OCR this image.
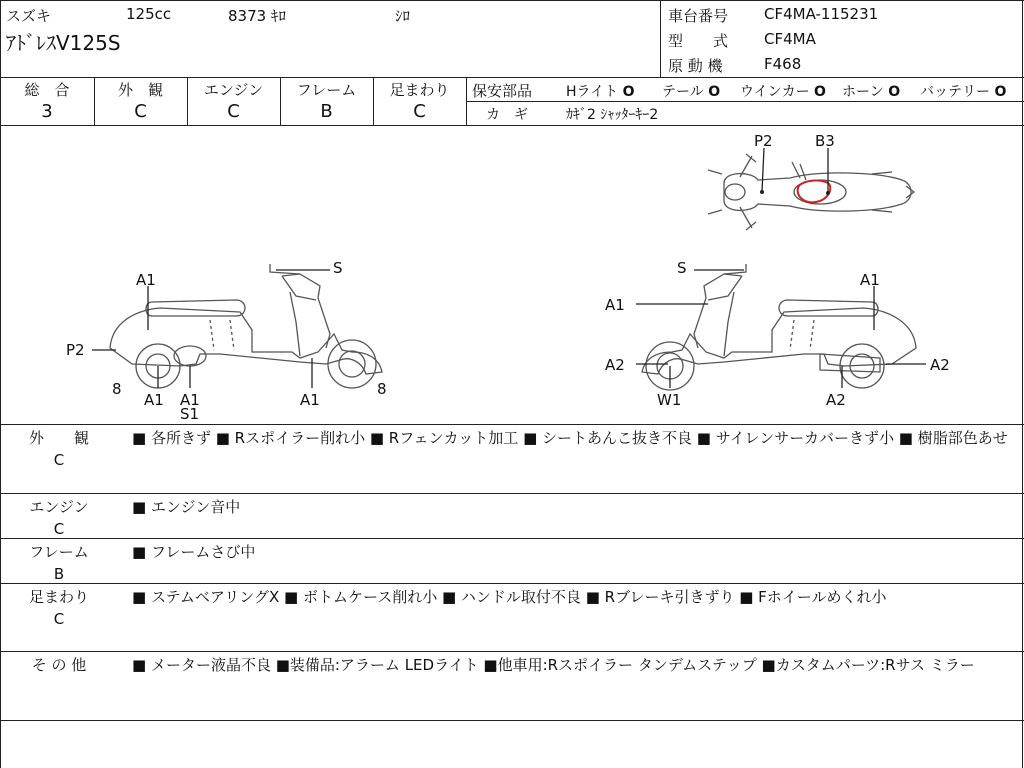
スズキ	125cc	8373 ｷﾛ	ｼﾛ
ｱﾄﾞﾚｽV125S
車台番号 CF4MA-115231
型　　式 CF4MA
原 動 機	F468
総　合
3
外　観
C
エンジン
C
フレーム
B
足まわり
C
保安部品 Hライト O テール O ウインカー O ホーン O バッテリー O
カ　ギ	ｶｷﾞ2 ｼｬｯﾀｰｷｰ2
P2	B3
S
A1
P2
8
A1 A1
S1
A1
8
S
A1
A1
A2
W1	A2
A2
外　　観
C
■ 各所きず ■ Rスポイラー削れ小 ■ Rフェンカット加工 ■ シートあんこ抜き不良 ■ サイレンサーカバーきず小 ■ 樹脂部色あせ
エンジン
C
■ エンジン音中
フレーム
B
■ フレームさび中
足まわり
C
■ ステムベアリングX ■ ボトムケース削れ小 ■ ハンドル取付不良 ■ Rブレーキ引きずり ■ Fホイールめくれ小
そ の 他	■ メーター液晶不良 ■装備品:アラーム LEDライト ■他車用:Rスポイラー タンデムステップ ■カスタムパーツ:Rサス ミラー
